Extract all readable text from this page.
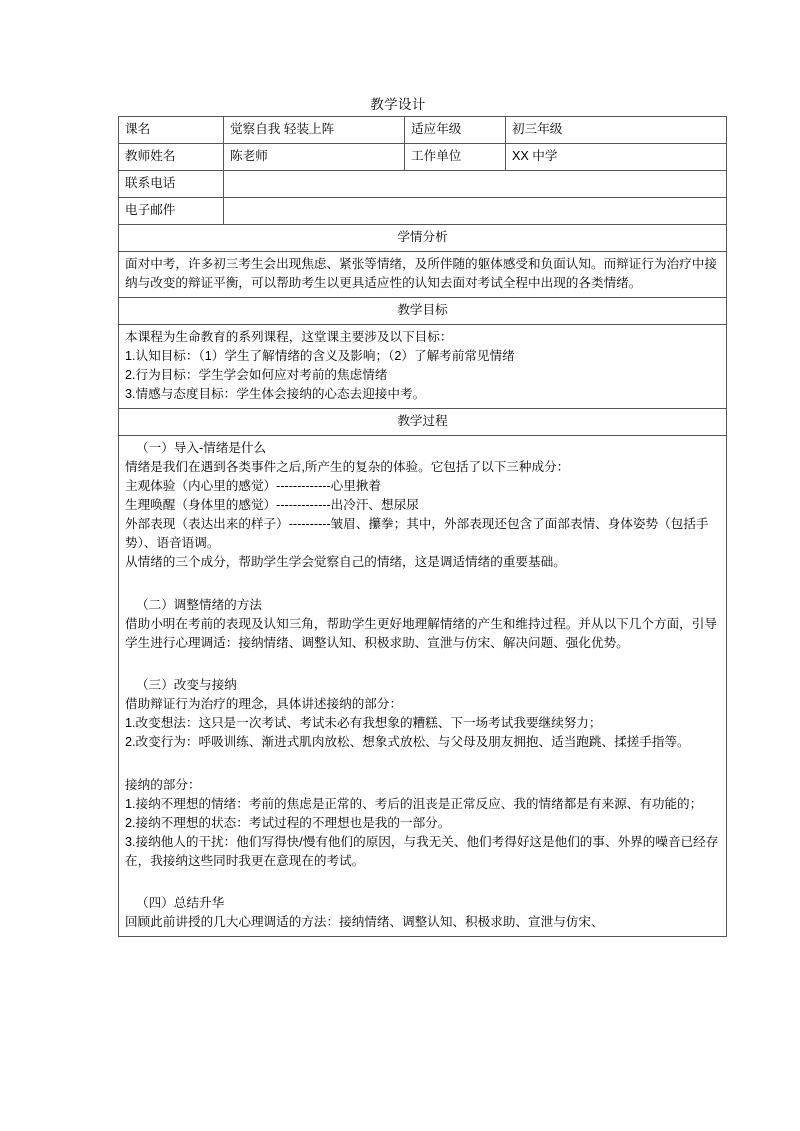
教学设计
课名	觉察自我 轻装上阵	适应年级	初三年级
教师姓名	陈老师	工作单位	XX 中学
联系电话			
电子邮件			
学情分析			
面对中考，许多初三考生会出现焦虑、紧张等情绪，及所伴随的躯体感受和负面认知。而辩证行为治疗中接纳与改变的辩证平衡，可以帮助考生以更具适应性的认知去面对考试全程中出现的各类情绪。			
教学目标			

本课程为生命教育的系列课程，这堂课主要涉及以下目标：

1.认知目标：（1）学生了解情绪的含义及影响；（2）了解考前常见情绪

2.行为目标：学生学会如何应对考前的焦虑情绪

3.情感与态度目标：学生体会接纳的心态去迎接中考。			

教学过程			

（一）导入-情绪是什么

情绪是我们在遇到各类事件之后,所产生的复杂的体验。它包括了以下三种成分：

主观体验（内心里的感觉）-------------心里揪着

生理唤醒（身体里的感觉）-------------出冷汗、想尿尿

外部表现（表达出来的样子）----------皱眉、攥拳；其中，外部表现还包含了面部表情、身体姿势（包括手势）、语音语调。

从情绪的三个成分，帮助学生学会觉察自己的情绪，这是调适情绪的重要基础。

（二）调整情绪的方法

借助小明在考前的表现及认知三角，帮助学生更好地理解情绪的产生和维持过程。并从以下几个方面，引导学生进行心理调适：接纳情绪、调整认知、积极求助、宣泄与仿宋、解决问题、强化优势。

（三）改变与接纳

借助辩证行为治疗的理念，具体讲述接纳的部分：

1.改变想法：这只是一次考试、考试未必有我想象的糟糕、下一场考试我要继续努力；

2.改变行为：呼吸训练、渐进式肌肉放松、想象式放松、与父母及朋友拥抱、适当跑跳、揉搓手指等。

接纳的部分：

1.接纳不理想的情绪：考前的焦虑是正常的、考后的沮丧是正常反应、我的情绪都是有来源、有功能的；

2.接纳不理想的状态：考试过程的不理想也是我的一部分。

3.接纳他人的干扰：他们写得快/慢有他们的原因，与我无关、他们考得好这是他们的事、外界的噪音已经存在，我接纳这些同时我更在意现在的考试。

（四）总结升华

回顾此前讲授的几大心理调适的方法：接纳情绪、调整认知、积极求助、宣泄与仿宋、
